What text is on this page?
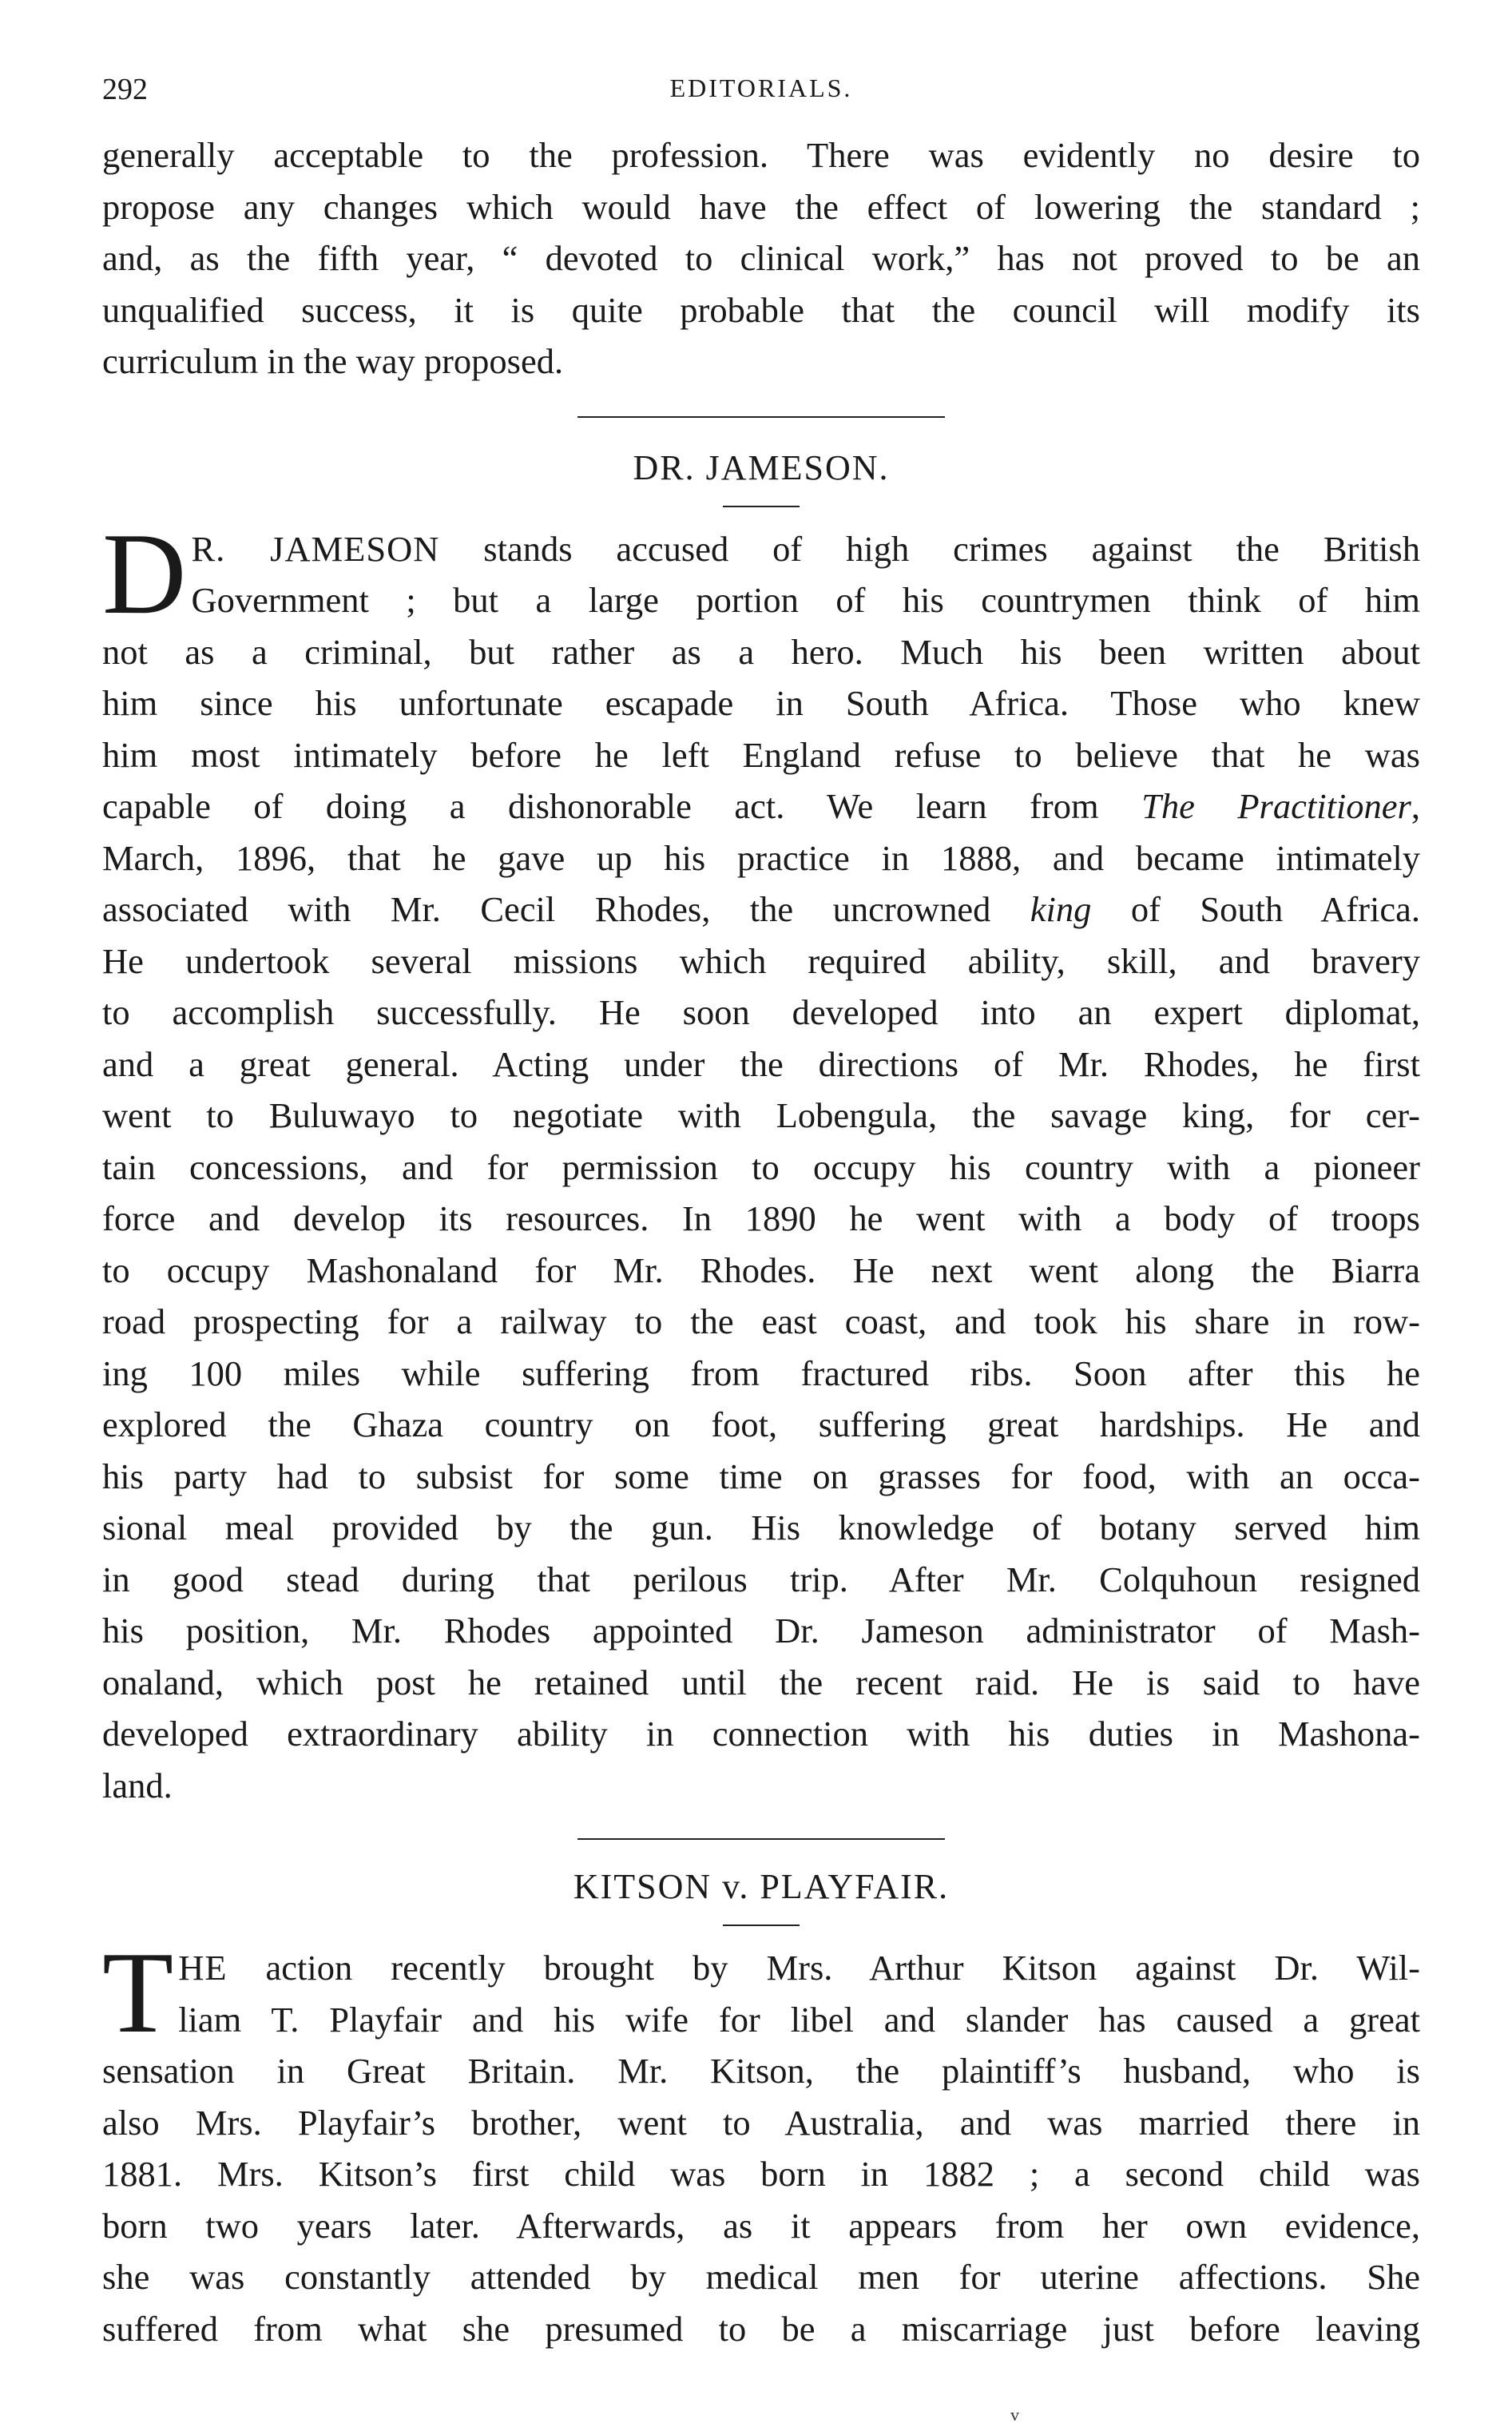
292	EDITORIALS.

generally acceptable to the profession. There was evidently no desire to
propose any changes which would have the effect of lowering the standard ;
and, as the fifth year, “ devoted to clinical work,” has not proved to be an
unqualified success, it is quite probable that the council will modify its
curriculum in the way proposed.

DR. JAMESON.
D R. JAMESON stands accused of high crimes against the British
Government ; but a large portion of his countrymen think of him
not as a criminal, but rather as a hero. Much his been written about
him since his unfortunate escapade in South Africa. Those who knew
him most intimately before he left England refuse to believe that he was
capable of doing a dishonorable act. We learn from The Practitioner,
March, 1896, that he gave up his practice in 1888, and became intimately
associated with Mr. Cecil Rhodes, the uncrowned king of South Africa.
He undertook several missions which required ability, skill, and bravery
to accomplish successfully. He soon developed into an expert diplomat,
and a great general. Acting under the directions of Mr. Rhodes, he first
went to Buluwayo to negotiate with Lobengula, the savage king, for cer-
tain concessions, and for permission to occupy his country with a pioneer
force and develop its resources. In 1890 he went with a body of troops
to occupy Mashonaland for Mr. Rhodes. He next went along the Biarra
road prospecting for a railway to the east coast, and took his share in row-
ing 100 miles while suffering from fractured ribs. Soon after this he
explored the Ghaza country on foot, suffering great hardships. He and
his party had to subsist for some time on grasses for food, with an occa-
sional meal provided by the gun. His knowledge of botany served him
in good stead during that perilous trip. After Mr. Colquhoun resigned
his position, Mr. Rhodes appointed Dr. Jameson administrator of Mash-
onaland, which post he retained until the recent raid. He is said to have
developed extraordinary ability in connection with his duties in Mashona-
land.

KITSON v. PLAYFAIR.
T HE action recently brought by Mrs. Arthur Kitson against Dr. Wil-
liam T. Playfair and his wife for libel and slander has caused a great
sensation in Great Britain. Mr. Kitson, the plaintiff’s husband, who is
also Mrs. Playfair’s brother, went to Australia, and was married there in
1881. Mrs. Kitson’s first child was born in 1882 ; a second child was
born two years later. Afterwards, as it appears from her own evidence,
she was constantly attended by medical men for uterine affections. She
suffered from what she presumed to be a miscarriage just before leaving

v
